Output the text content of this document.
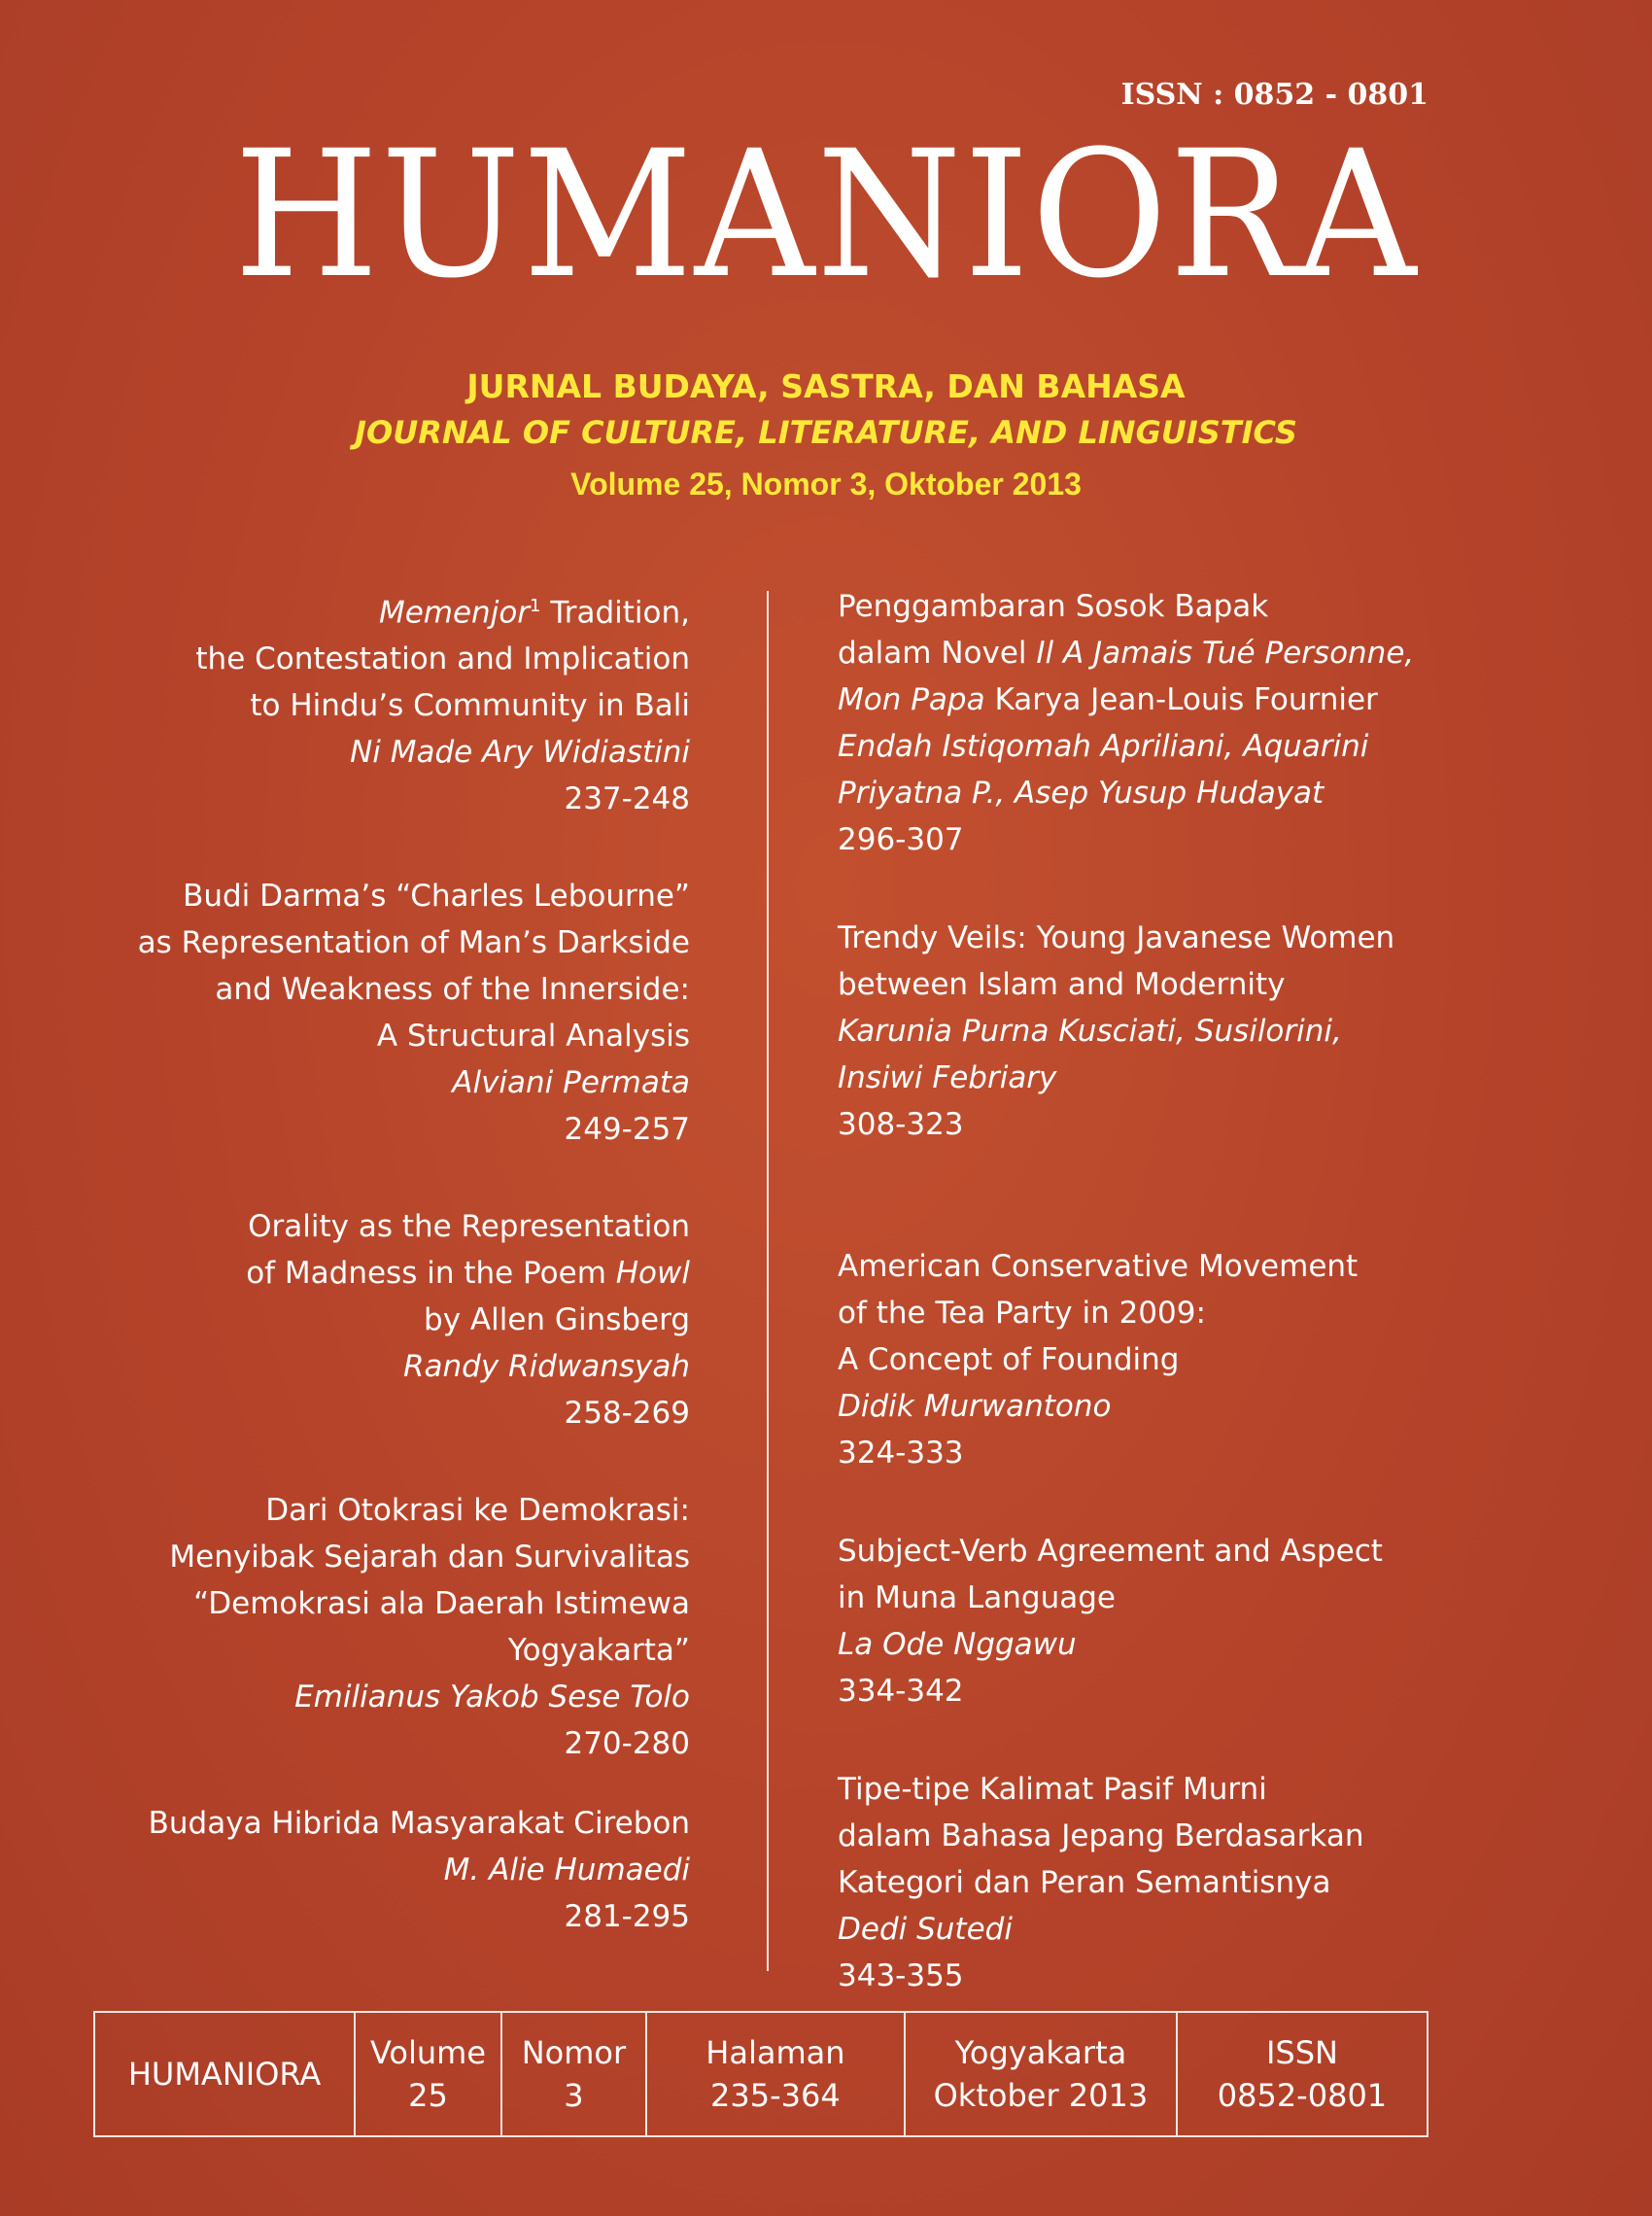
ISSN : 0852 - 0801
HUMANIORA
JURNAL BUDAYA, SASTRA, DAN BAHASA
JOURNAL OF CULTURE, LITERATURE, AND LINGUISTICS
Volume 25, Nomor 3, Oktober 2013
Memenjor$^1$ Tradition,
the Contestation and Implication
to Hindu’s Community in Bali
Ni Made Ary Widiastini
237-248
Budi Darma’s “Charles Lebourne”
as Representation of Man’s Darkside
and Weakness of the Innerside:
A Structural Analysis
Alviani Permata
249-257
Orality as the Representation
of Madness in the Poem Howl
by Allen Ginsberg
Randy Ridwansyah
258-269
Dari Otokrasi ke Demokrasi:
Menyibak Sejarah dan Survivalitas
“Demokrasi ala Daerah Istimewa
Yogyakarta”
Emilianus Yakob Sese Tolo
270-280
Budaya Hibrida Masyarakat Cirebon
M. Alie Humaedi
281-295
Penggambaran Sosok Bapak
dalam Novel Il A Jamais Tué Personne,
Mon Papa Karya Jean-Louis Fournier
Endah Istiqomah Apriliani, Aquarini
Priyatna P., Asep Yusup Hudayat
296-307
Trendy Veils: Young Javanese Women
between Islam and Modernity
Karunia Purna Kusciati, Susilorini,
Insiwi Febriary
308-323
American Conservative Movement
of the Tea Party in 2009:
A Concept of Founding
Didik Murwantono
324-333
Subject-Verb Agreement and Aspect
in Muna Language
La Ode Nggawu
334-342
Tipe-tipe Kalimat Pasif Murni
dalam Bahasa Jepang Berdasarkan
Kategori dan Peran Semantisnya
Dedi Sutedi
343-355
HUMANIORA
Volume
25
Nomor
3
Halaman
235-364
Yogyakarta
Oktober 2013
ISSN
0852-0801
